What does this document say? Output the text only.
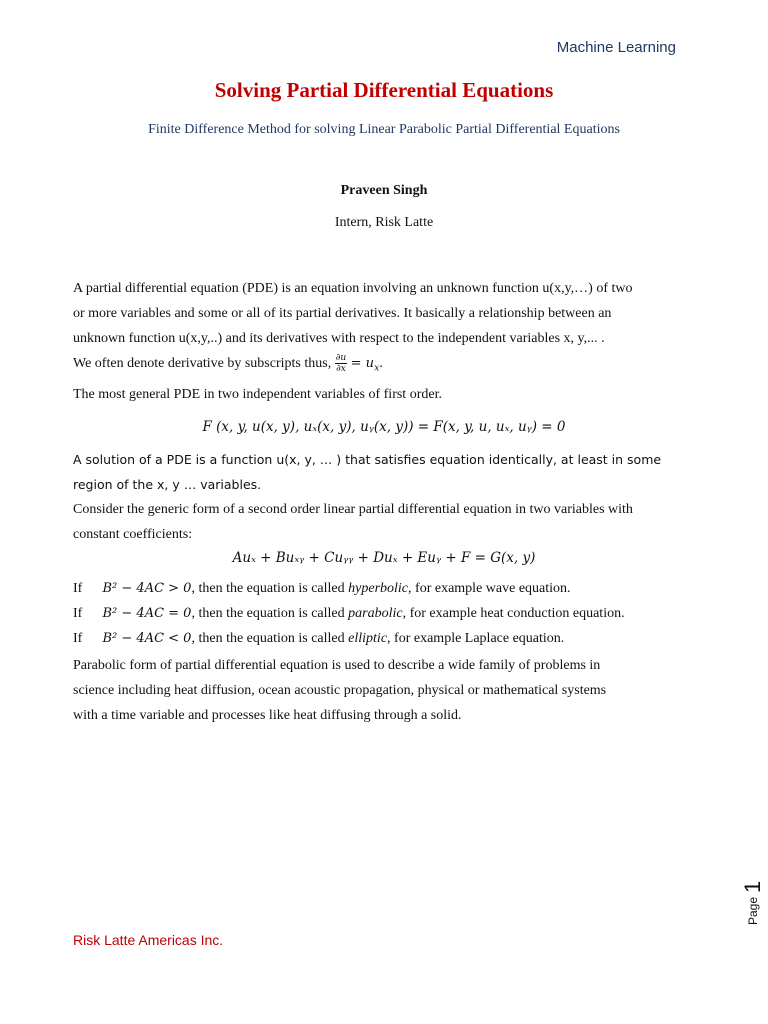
Machine Learning
Solving Partial Differential Equations
Finite Difference Method for solving Linear Parabolic Partial Differential Equations
Praveen Singh
Intern, Risk Latte
A partial differential equation (PDE) is an equation involving an unknown function u(x,y,…) of two
or more variables and some or all of its partial derivatives. It basically a relationship between an
unknown function u(x,y,..) and its derivatives with respect to the independent variables x, y,... .
We often denote derivative by subscripts thus, $\frac{\partial u}{\partial x} = u_x$.
The most general PDE in two independent variables of first order.
F (x, y, u(x, y), uₓ(x, y), uᵧ(x, y)) = F(x, y, u, uₓ, uᵧ) = 0
A solution of a PDE is a function u(x, y, … ) that satisfies equation identically, at least in some
region of the x, y … variables.
Consider the generic form of a second order linear partial differential equation in two variables with
constant coefficients:
Auₓ + Buₓᵧ + Cuᵧᵧ + Duₓ + Euᵧ + F = G(x, y)
If B² − 4AC > 0, then the equation is called hyperbolic, for example wave equation.
If B² − 4AC = 0, then the equation is called parabolic, for example heat conduction equation.
If B² − 4AC < 0, then the equation is called elliptic, for example Laplace equation.
Parabolic form of partial differential equation is used to describe a wide family of problems in
science including heat diffusion, ocean acoustic propagation, physical or mathematical systems
with a time variable and processes like heat diffusing through a solid.
Page1
Risk Latte Americas Inc.
